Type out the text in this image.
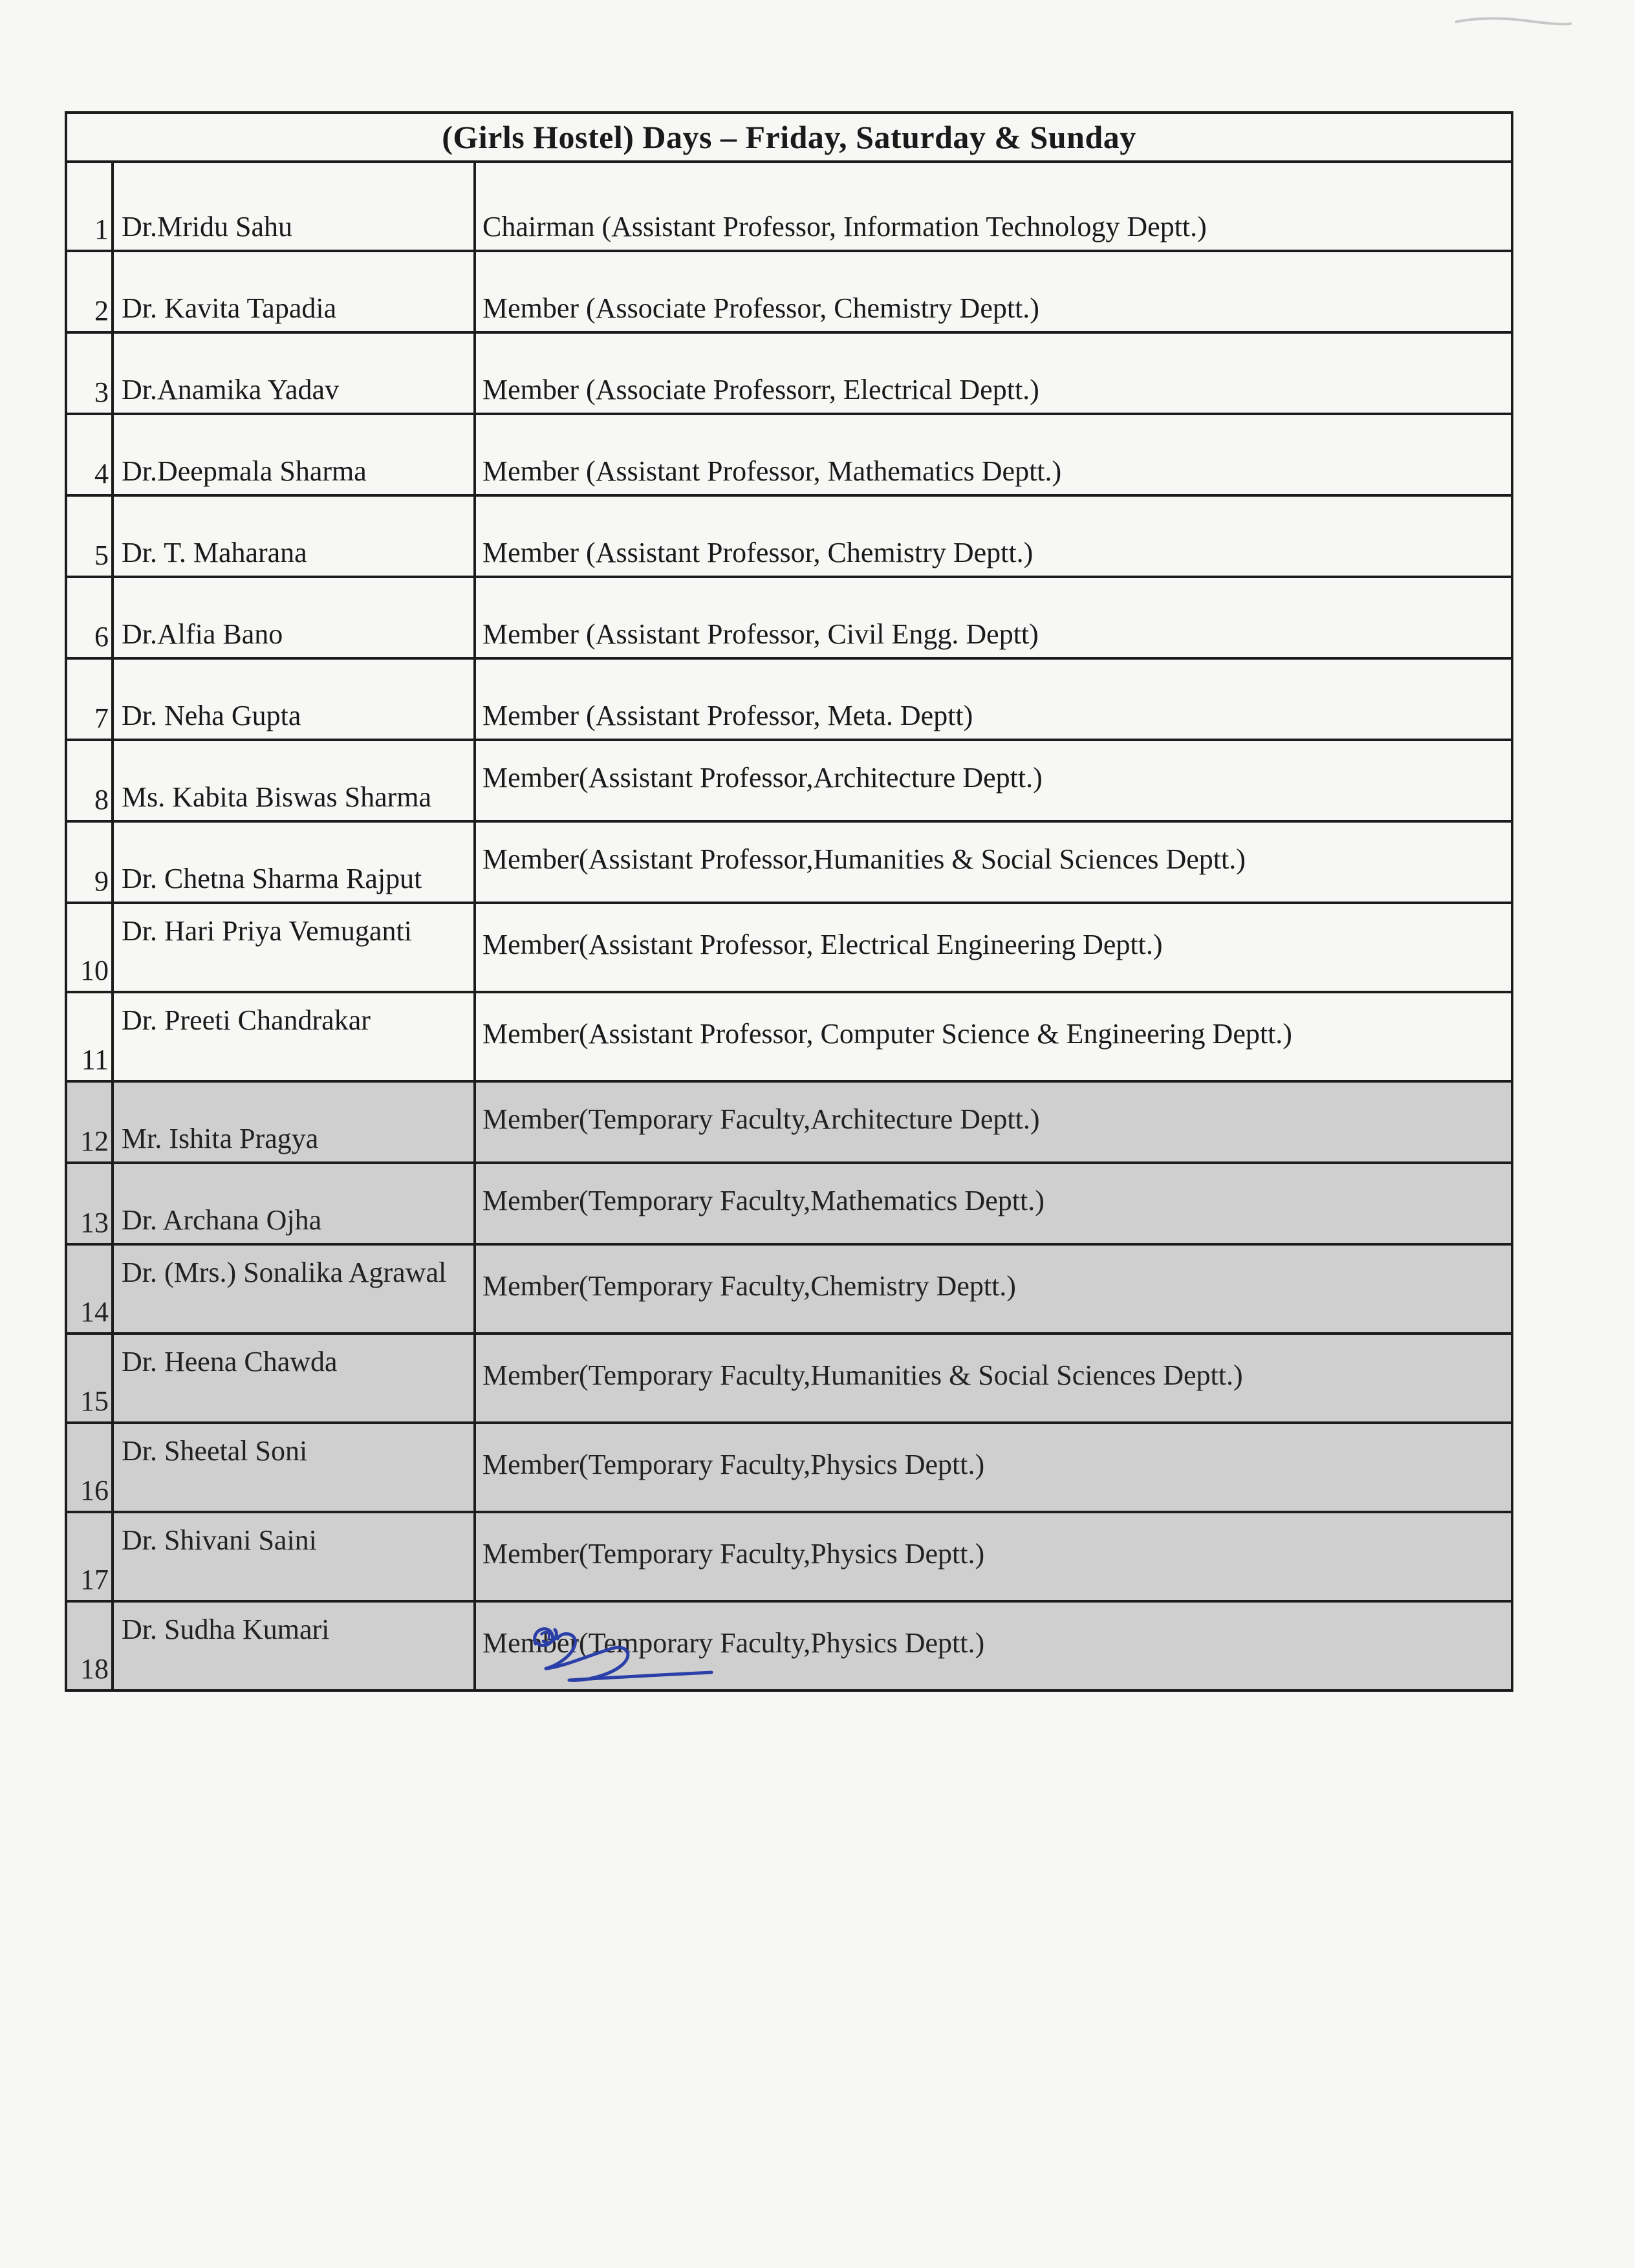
(Girls Hostel) Days – Friday, Saturday & Sunday		
1	Dr.Mridu Sahu	Chairman (Assistant Professor, Information Technology Deptt.)
2	Dr. Kavita Tapadia	Member (Associate Professor, Chemistry Deptt.)
3	Dr.Anamika Yadav	Member (Associate Professorr, Electrical Deptt.)
4	Dr.Deepmala Sharma	Member (Assistant Professor, Mathematics Deptt.)
5	Dr. T. Maharana	Member (Assistant Professor, Chemistry Deptt.)
6	Dr.Alfia Bano	Member (Assistant Professor, Civil Engg. Deptt)
7	Dr. Neha Gupta	Member (Assistant Professor, Meta. Deptt)
8	Ms. Kabita Biswas Sharma	Member(Assistant Professor,Architecture Deptt.)
9	Dr. Chetna Sharma Rajput	Member(Assistant Professor,Humanities & Social Sciences Deptt.)
10	Dr. Hari Priya Vemuganti	Member(Assistant Professor, Electrical Engineering Deptt.)
11	Dr. Preeti Chandrakar	Member(Assistant Professor, Computer Science & Engineering Deptt.)
12	Mr. Ishita Pragya	Member(Temporary Faculty,Architecture Deptt.)
13	Dr. Archana Ojha	Member(Temporary Faculty,Mathematics Deptt.)
14	Dr. (Mrs.) Sonalika Agrawal	Member(Temporary Faculty,Chemistry Deptt.)
15	Dr. Heena Chawda	Member(Temporary Faculty,Humanities & Social Sciences Deptt.)
16	Dr. Sheetal Soni	Member(Temporary Faculty,Physics Deptt.)
17	Dr. Shivani Saini	Member(Temporary Faculty,Physics Deptt.)
18	Dr. Sudha Kumari	Member(Temporary Faculty,Physics Deptt.)
